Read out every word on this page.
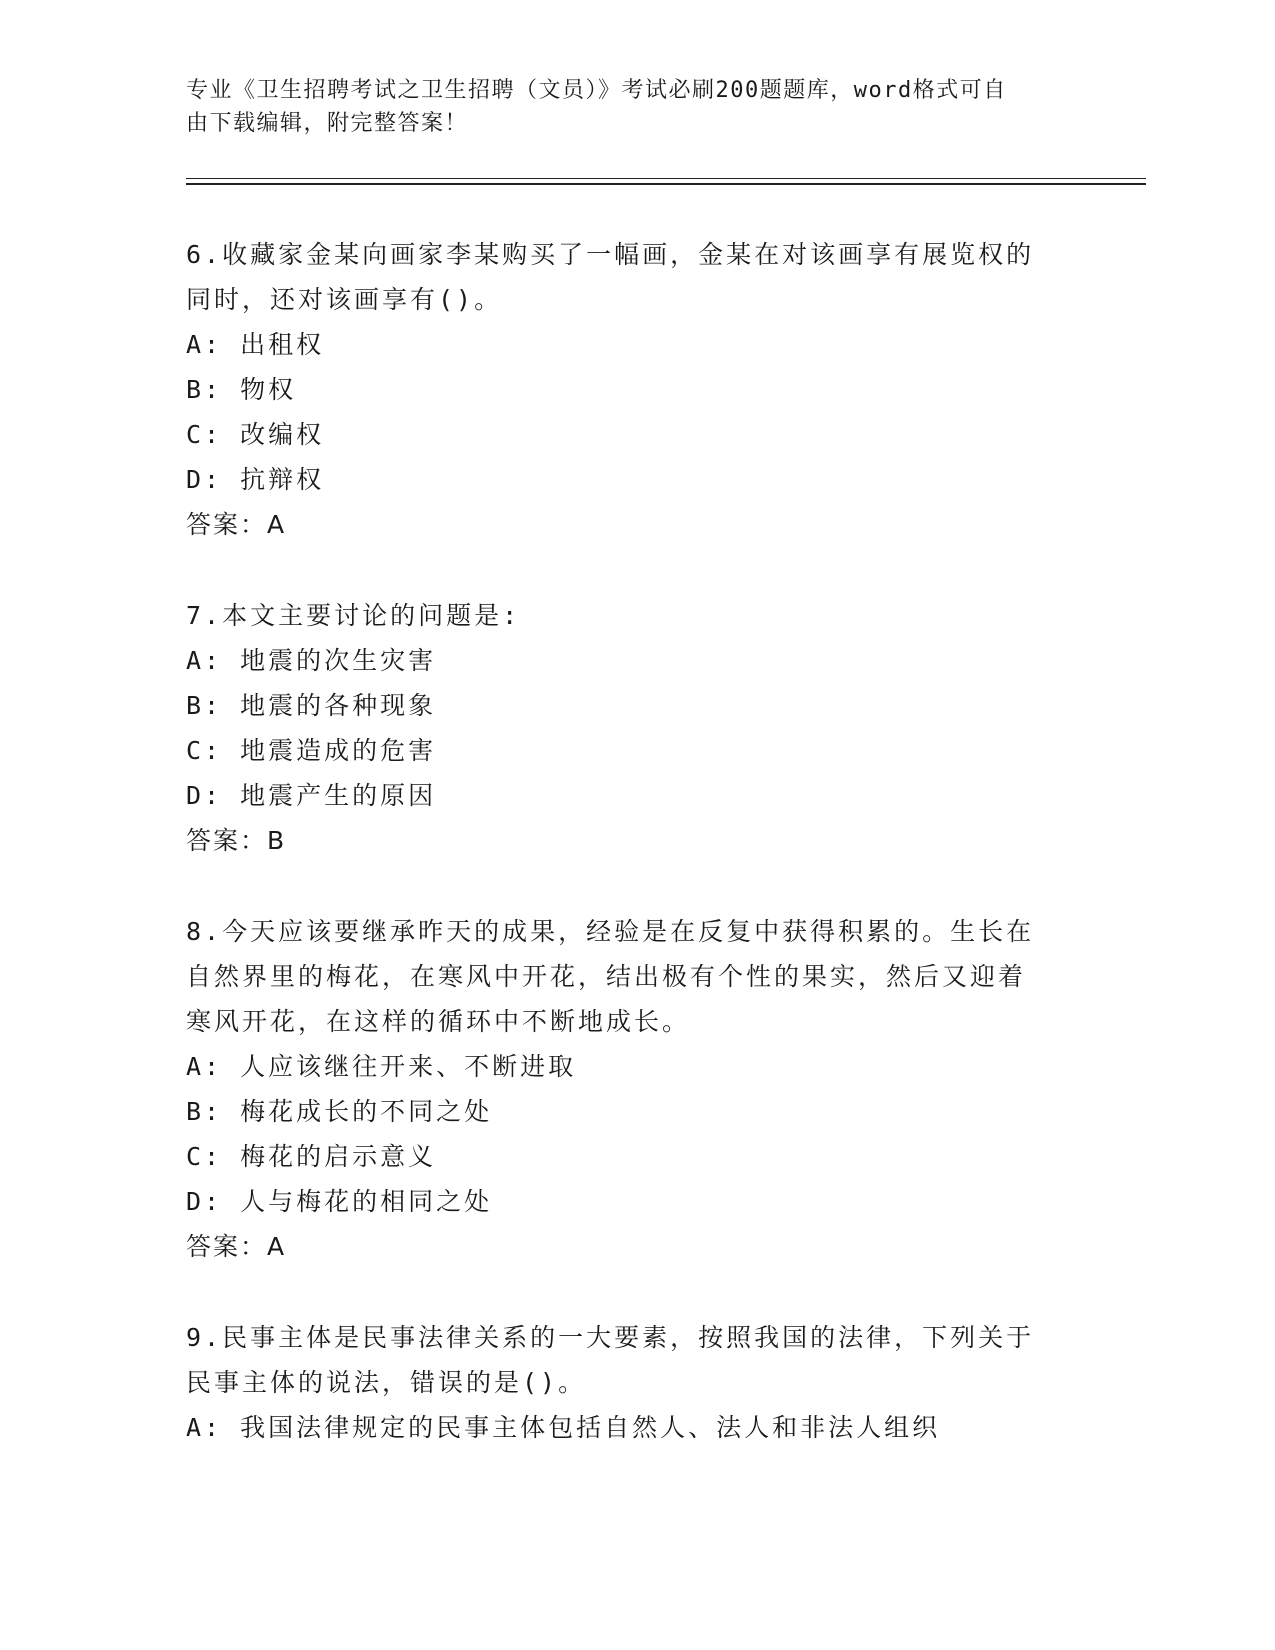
专业《卫生招聘考试之卫生招聘（文员）》考试必刷200题题库，word格式可自
由下载编辑，附完整答案！

6.收藏家金某向画家李某购买了一幅画，金某在对该画享有展览权的
同时，还对该画享有()。

A: 出租权

B: 物权

C: 改编权

D: 抗辩权

答案：A

7.本文主要讨论的问题是:

A: 地震的次生灾害

B: 地震的各种现象

C: 地震造成的危害

D: 地震产生的原因

答案：B

8.今天应该要继承昨天的成果，经验是在反复中获得积累的。生长在
自然界里的梅花，在寒风中开花，结出极有个性的果实，然后又迎着
寒风开花，在这样的循环中不断地成长。

A: 人应该继往开来、不断进取

B: 梅花成长的不同之处

C: 梅花的启示意义

D: 人与梅花的相同之处

答案：A

9.民事主体是民事法律关系的一大要素，按照我国的法律，下列关于
民事主体的说法，错误的是()。

A: 我国法律规定的民事主体包括自然人、法人和非法人组织
